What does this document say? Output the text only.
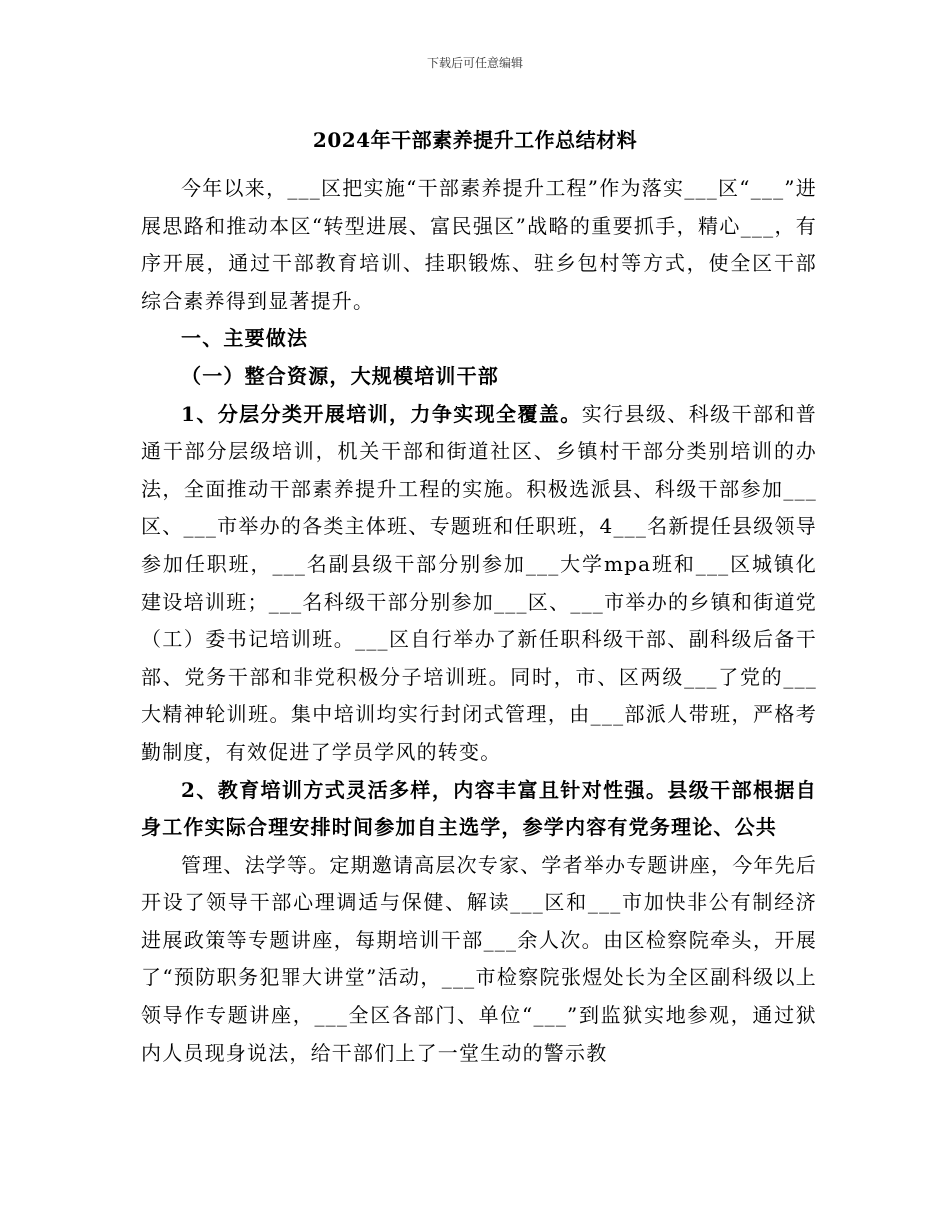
下载后可任意编辑
2024年干部素养提升工作总结材料

今年以来，___区把实施“干部素养提升工程”作为落实___区“___”进展思路和推动本区“转型进展、富民强区”战略的重要抓手，精心___，有序开展，通过干部教育培训、挂职锻炼、驻乡包村等方式，使全区干部综合素养得到显著提升。

一、主要做法

（一）整合资源，大规模培训干部

1、分层分类开展培训，力争实现全覆盖。实行县级、科级干部和普通干部分层级培训，机关干部和街道社区、乡镇村干部分类别培训的办法，全面推动干部素养提升工程的实施。积极选派县、科级干部参加___区、___市举办的各类主体班、专题班和任职班，4___名新提任县级领导参加任职班，___名副县级干部分别参加___大学mpa班和___区城镇化建设培训班；___名科级干部分别参加___区、___市举办的乡镇和街道党（工）委书记培训班。___区自行举办了新任职科级干部、副科级后备干部、党务干部和非党积极分子培训班。同时，市、区两级___了党的___大精神轮训班。集中培训均实行封闭式管理，由___部派人带班，严格考勤制度，有效促进了学员学风的转变。

2、教育培训方式灵活多样，内容丰富且针对性强。县级干部根据自身工作实际合理安排时间参加自主选学，参学内容有党务理论、公共

管理、法学等。定期邀请高层次专家、学者举办专题讲座，今年先后开设了领导干部心理调适与保健、解读___区和___市加快非公有制经济进展政策等专题讲座，每期培训干部___余人次。由区检察院牵头，开展了“预防职务犯罪大讲堂”活动，___市检察院张煜处长为全区副科级以上领导作专题讲座，___全区各部门、单位“___”到监狱实地参观，通过狱内人员现身说法，给干部们上了一堂生动的警示教
